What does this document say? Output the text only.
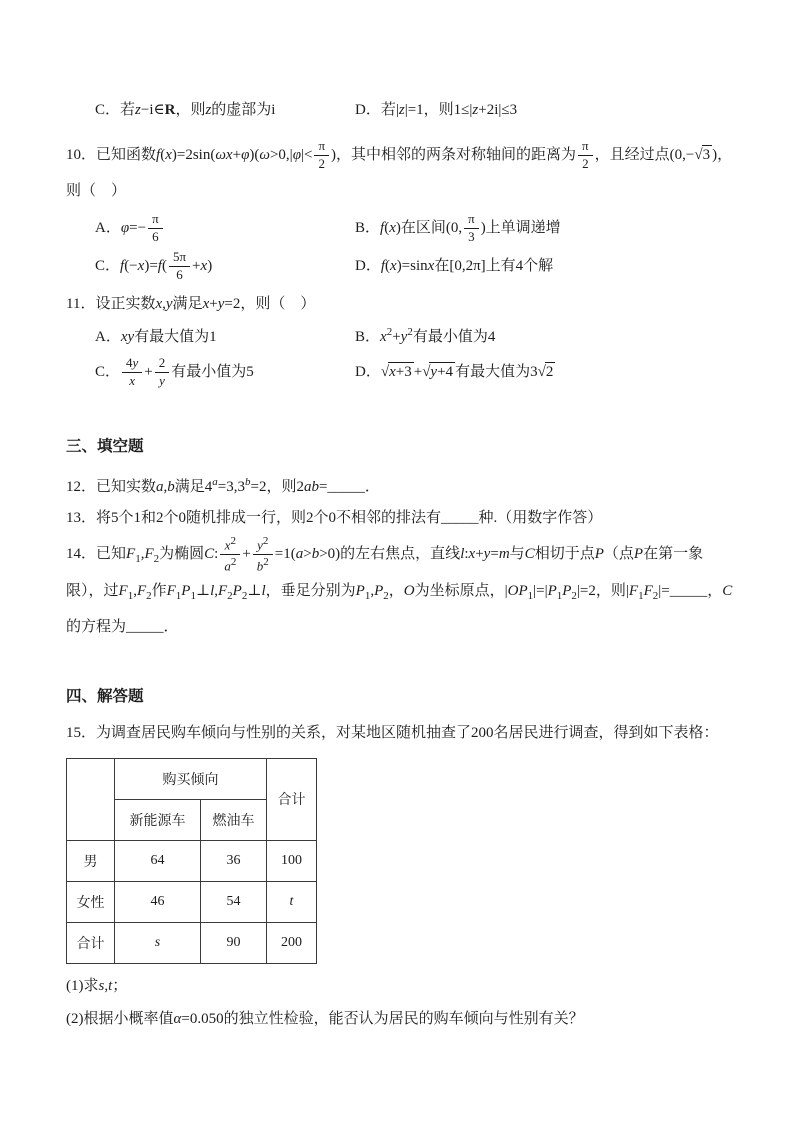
C．若z−i∈R，则z的虚部为i	D．若|z|=1，则1≤|z+2i|≤3

10．已知函数$f(x)=2\sin(\omega x+\varphi)(\omega>0,|\varphi|< \frac{\pi}{2}$ )，其中相邻的两条对称轴间的距离为 $\frac{\pi}{2}$ ，且经过点(0,−√3 )，则（　）

A．$\varphi=- \frac{\pi}{6}$	B．f(x)在区间(0, $\frac{\pi}{3}$ )上单调递增

C．$f(-x)=f( \frac{5\pi}{6} +x)$	D．f(x)=sinx在[0,2π]上有4个解

11．设正实数x,y满足x+y=2，则（　）

A．xy有最大值为1	B．$x^2+y^2$有最小值为4

C． $\frac{4y}{x} + \frac{2}{y}$ 有最小值为5	D．√x+3 +√y+4 有最大值为3√2

三、填空题

12．已知实数a,b满足$4^a=3,3^b=2$，则2ab=_____．

13．将5个1和2个0随机排成一行，则2个0不相邻的排法有_____种.（用数字作答）

14．已知$F_1,F_2$为椭圆C: $\frac{x^2}{a^2} + \frac{y^2}{b^2} =1(a>b>0)$的左右焦点，直线l:x+y=m与C相切于点P（点P在第一象限），过$F_1,F_2$作$F_1P_1\perp l,F_2P_2\perp l$，垂足分别为$P_1,P_2$，O为坐标原点，$|OP_1|=|P_1P_2|=2$，则$|F_1F_2|=\_\_\_\_\_$，C的方程为_____．

四、解答题

15．为调查居民购车倾向与性别的关系，对某地区随机抽查了200名居民进行调查，得到如下表格：

	购买倾向		合计
	新能源车	燃油车	
男	64	36	100
女性	46	54	t
合计	s	90	200

(1)求s,t；

(2)根据小概率值α=0.050的独立性检验，能否认为居民的购车倾向与性别有关？
